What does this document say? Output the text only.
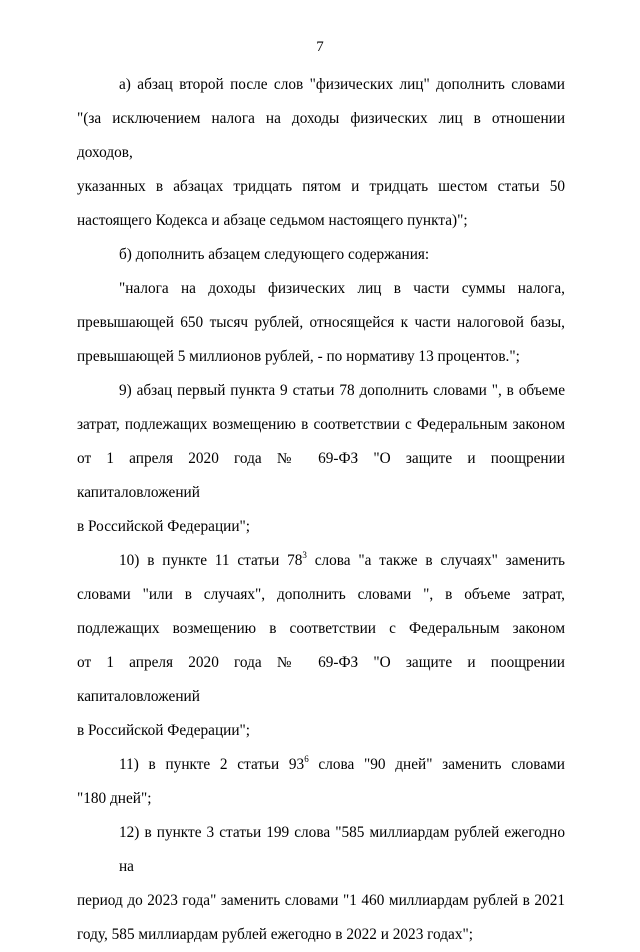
7
а) абзац второй после слов "физических лиц" дополнить словами
"(за исключением налога на доходы физических лиц в отношении доходов,
указанных в абзацах тридцать пятом и тридцать шестом статьи 50
настоящего Кодекса и абзаце седьмом настоящего пункта)";
б) дополнить абзацем следующего содержания:
"налога на доходы физических лиц в части суммы налога,
превышающей 650 тысяч рублей, относящейся к части налоговой базы,
превышающей 5 миллионов рублей, - по нормативу 13 процентов.";
9) абзац первый пункта 9 статьи 78 дополнить словами ", в объеме
затрат, подлежащих возмещению в соответствии с Федеральным законом
от 1 апреля 2020 года № 69-ФЗ "О защите и поощрении капиталовложений
в Российской Федерации";
10) в пункте 11 статьи $78^3$ слова "а также в случаях" заменить
словами "или в случаях", дополнить словами ", в объеме затрат,
подлежащих возмещению в соответствии с Федеральным законом
от 1 апреля 2020 года № 69-ФЗ "О защите и поощрении капиталовложений
в Российской Федерации";
11) в пункте 2 статьи $93^6$ слова "90 дней" заменить словами
"180 дней";
12) в пункте 3 статьи 199 слова "585 миллиардам рублей ежегодно на
период до 2023 года" заменить словами "1 460 миллиардам рублей в 2021
году, 585 миллиардам рублей ежегодно в 2022 и 2023 годах";
